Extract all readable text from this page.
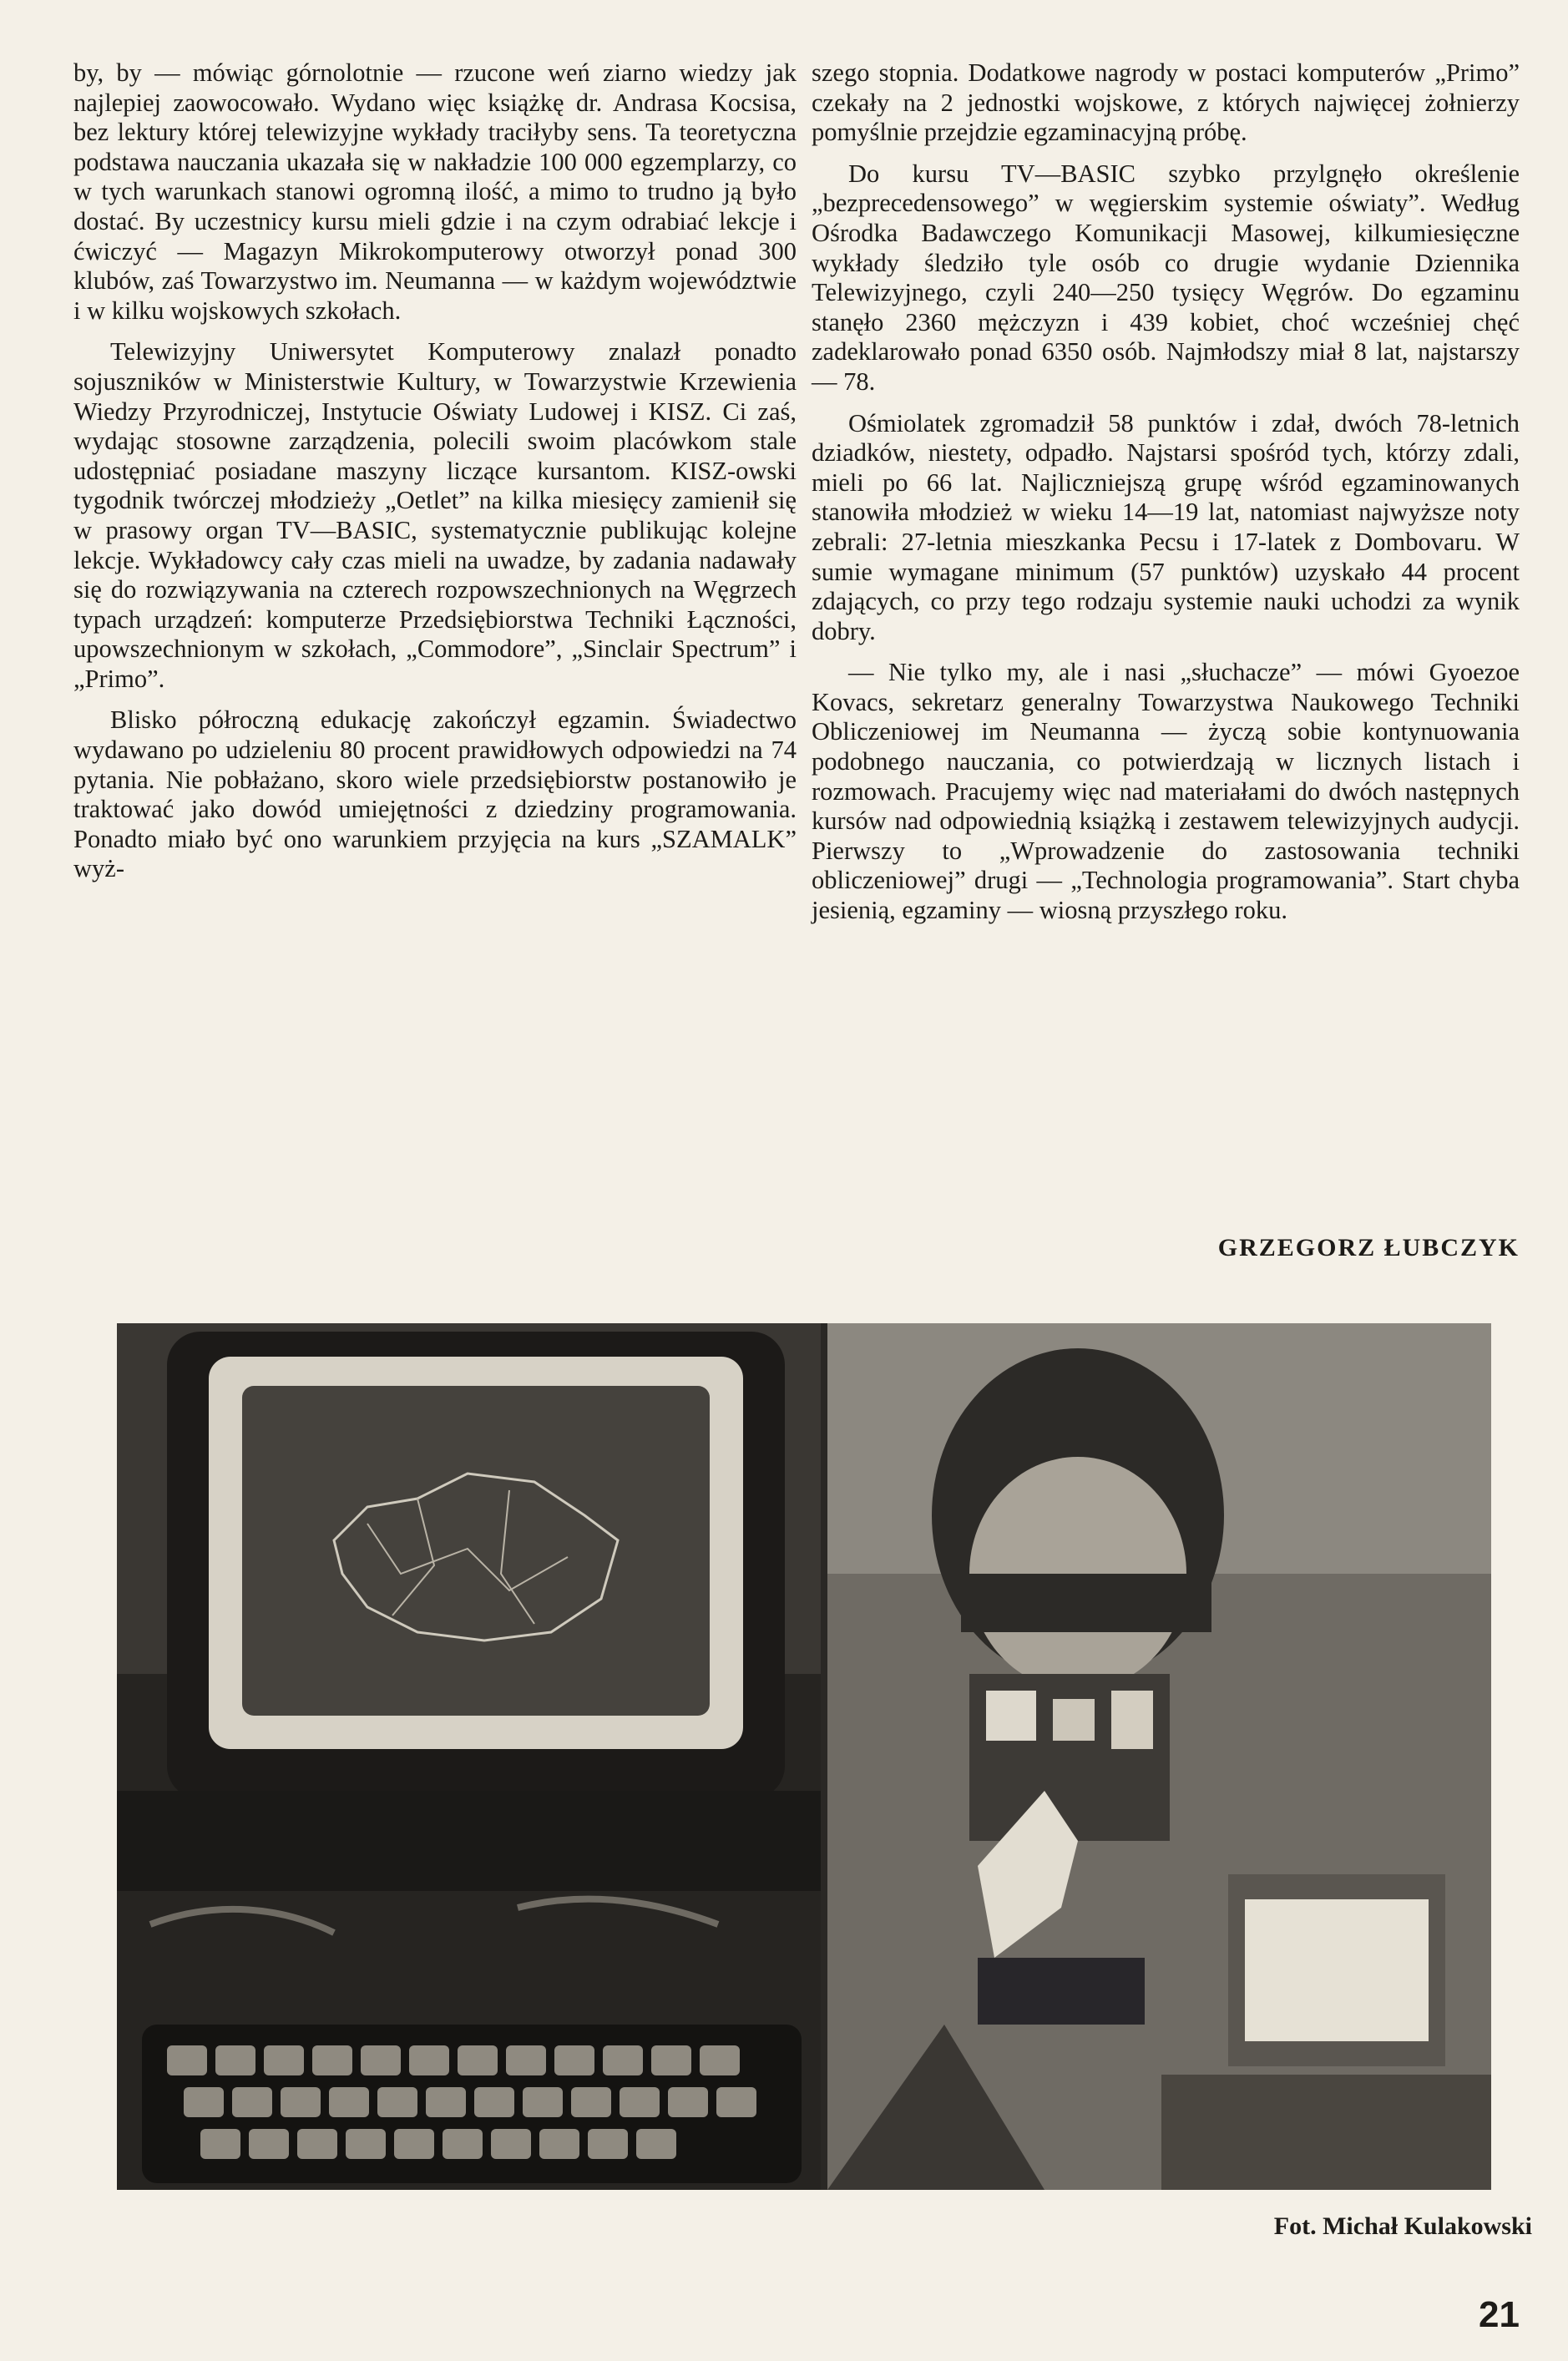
by, by — mówiąc górnolotnie — rzucone weń ziarno wiedzy jak najlepiej zaowocowało. Wydano więc książkę dr. Andrasa Kocsisa, bez lektury której telewizyjne wykłady traciłyby sens. Ta teoretyczna podstawa nauczania ukazała się w nakładzie 100 000 egzemplarzy, co w tych warunkach stanowi ogromną ilość, a mimo to trudno ją było dostać. By uczestnicy kursu mieli gdzie i na czym odrabiać lekcje i ćwiczyć — Magazyn Mikrokomputerowy otworzył ponad 300 klubów, zaś Towarzystwo im. Neumanna — w każdym województwie i w kilku wojskowych szkołach.

Telewizyjny Uniwersytet Komputerowy znalazł ponadto sojuszników w Ministerstwie Kultury, w Towarzystwie Krzewienia Wiedzy Przyrodniczej, Instytucie Oświaty Ludowej i KISZ. Ci zaś, wydając stosowne zarządzenia, polecili swoim placówkom stale udostępniać posiadane maszyny liczące kursantom. KISZ-owski tygodnik twórczej młodzieży „Oetlet” na kilka miesięcy zamienił się w prasowy organ TV—BASIC, systematycznie publikując kolejne lekcje. Wykładowcy cały czas mieli na uwadze, by zadania nadawały się do rozwiązywania na czterech rozpowszechnionych na Węgrzech typach urządzeń: komputerze Przedsiębiorstwa Techniki Łączności, upowszechnionym w szkołach, „Commodore”, „Sinclair Spectrum” i „Primo”.

Blisko półroczną edukację zakończył egzamin. Świadectwo wydawano po udzieleniu 80 procent prawidłowych odpowiedzi na 74 pytania. Nie pobłażano, skoro wiele przedsiębiorstw postanowiło je traktować jako dowód umiejętności z dziedziny programowania. Ponadto miało być ono warunkiem przyjęcia na kurs „SZAMALK” wyż-

szego stopnia. Dodatkowe nagrody w postaci komputerów „Primo” czekały na 2 jednostki wojskowe, z których najwięcej żołnierzy pomyślnie przejdzie egzaminacyjną próbę.

Do kursu TV—BASIC szybko przylgnęło określenie „bezprecedensowego” w węgierskim systemie oświaty”. Według Ośrodka Badawczego Komunikacji Masowej, kilkumiesięczne wykłady śledziło tyle osób co drugie wydanie Dziennika Telewizyjnego, czyli 240—250 tysięcy Węgrów. Do egzaminu stanęło 2360 mężczyzn i 439 kobiet, choć wcześniej chęć zadeklarowało ponad 6350 osób. Najmłodszy miał 8 lat, najstarszy — 78.

Ośmiolatek zgromadził 58 punktów i zdał, dwóch 78-letnich dziadków, niestety, odpadło. Najstarsi spośród tych, którzy zdali, mieli po 66 lat. Najliczniejszą grupę wśród egzaminowanych stanowiła młodzież w wieku 14—19 lat, natomiast najwyższe noty zebrali: 27-letnia mieszkanka Pecsu i 17-latek z Dombovaru. W sumie wymagane minimum (57 punktów) uzyskało 44 procent zdających, co przy tego rodzaju systemie nauki uchodzi za wynik dobry.

— Nie tylko my, ale i nasi „słuchacze” — mówi Gyoezoe Kovacs, sekretarz generalny Towarzystwa Naukowego Techniki Obliczeniowej im Neumanna — życzą sobie kontynuowania podobnego nauczania, co potwierdzają w licznych listach i rozmowach. Pracujemy więc nad materiałami do dwóch następnych kursów nad odpowiednią książką i zestawem telewizyjnych audycji. Pierwszy to „Wprowadzenie do zastosowania techniki obliczeniowej” drugi — „Technologia programowania”. Start chyba jesienią, egzaminy — wiosną przyszłego roku.

GRZEGORZ ŁUBCZYK
Fot. Michał Kulakowski
21
